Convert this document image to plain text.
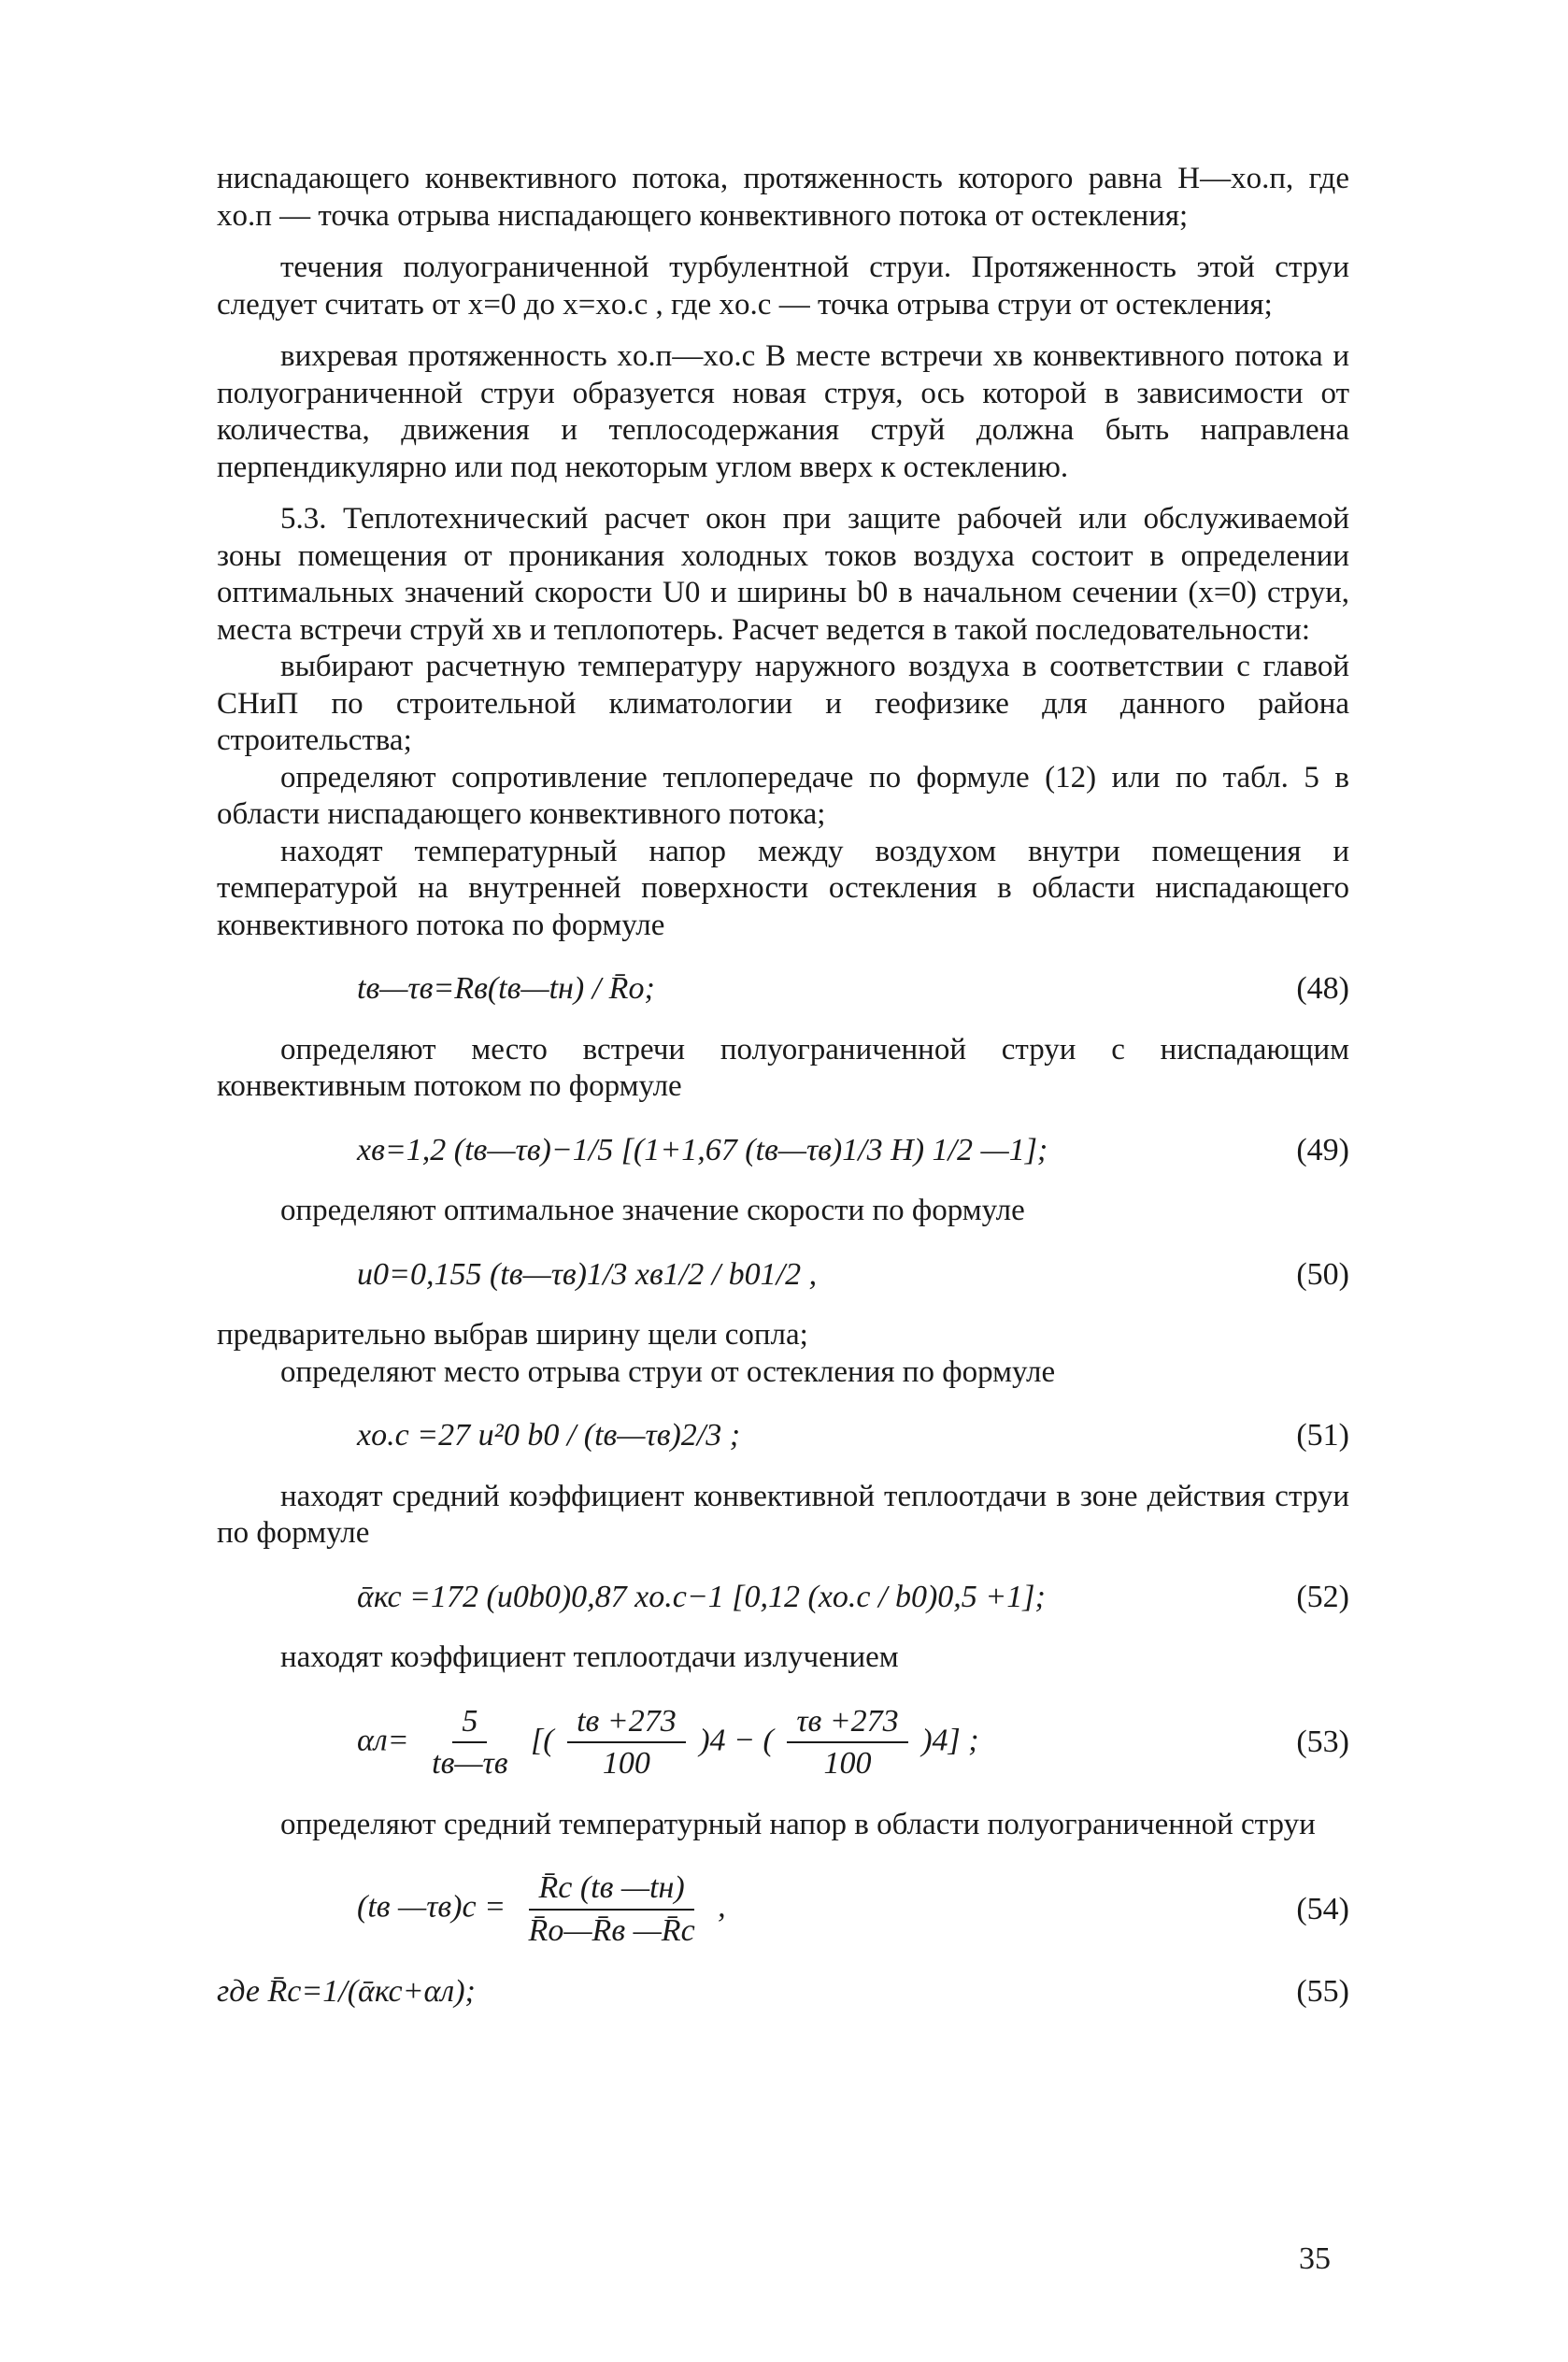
нисnадающего конвективного потока, протяженность которого равна H—xо.п, где xо.п — точка отрыва ниспадающего конвективного потока от остекления;

течения полуограниченной турбулентной струи. Протяженность этой струи следует считать от x=0 до x=xо.с , где xо.с — точка отрыва струи от остекления;

вихревая протяженность xо.п—xо.с В месте встречи xв конвективного потока и полуограниченной струи образуется новая струя, ось которой в зависимости от количества, движения и теплосодержания струй должна быть направлена перпендикулярно или под некоторым углом вверх к остеклению.

5.3. Теплотехнический расчет окон при защите рабочей или обслуживаемой зоны помещения от проникания холодных токов воздуха состоит в определении оптимальных значений скорости U0 и ширины b0 в начальном сечении (x=0) струи, места встречи струй xв и теплопотерь. Расчет ведется в такой последовательности:

выбирают расчетную температуру наружного воздуха в соответствии с главой СНиП по строительной климатологии и геофизике для данного района строительства;

определяют сопротивление теплопередаче по формуле (12) или по табл. 5 в области ниспадающего конвективного потока;

находят температурный напор между воздухом внутри помещения и температурой на внутренней поверхности остекления в области ниспадающего конвективного потока по формуле

tв—τв=Rв(tв—tн) / R̄о;	(48)

определяют место встречи полуограниченной струи с ниспадающим конвективным потоком по формуле

xв=1,2 (tв—τв)−1/5 [(1+1,67 (tв—τв)1/3 H) 1/2 —1];	(49)

определяют оптимальное значение скорости по формуле

u0=0,155 (tв—τв)1/3 xв1/2 / b01/2 ,	(50)

предварительно выбрав ширину щели сопла;

определяют место отрыва струи от остекления по формуле

xо.с =27 u²0 b0 / (tв—τв)2/3 ;	(51)

находят средний коэффициент конвективной теплоотдачи в зоне действия струи по формуле

ᾱкс =172 (u0b0)0,87 xо.с−1 [0,12 (xо.с / b0)0,5 +1];	(52)

находят коэффициент теплоотдачи излучением

$\alpha л= \frac{5}{tв—\tau в}$ [( $\frac{tв +273}{100} )4$ − ( $\frac{\tau в +273}{100} )4$] ;	(53)

определяют средний температурный напор в области полуограниченной струи

(tв —τв)с = $\frac{R̄с (tв —tн)}{R̄о—R̄в —R̄с}$ ,	(54)
где R̄с=1/(ᾱкс+αл);	(55)
35
